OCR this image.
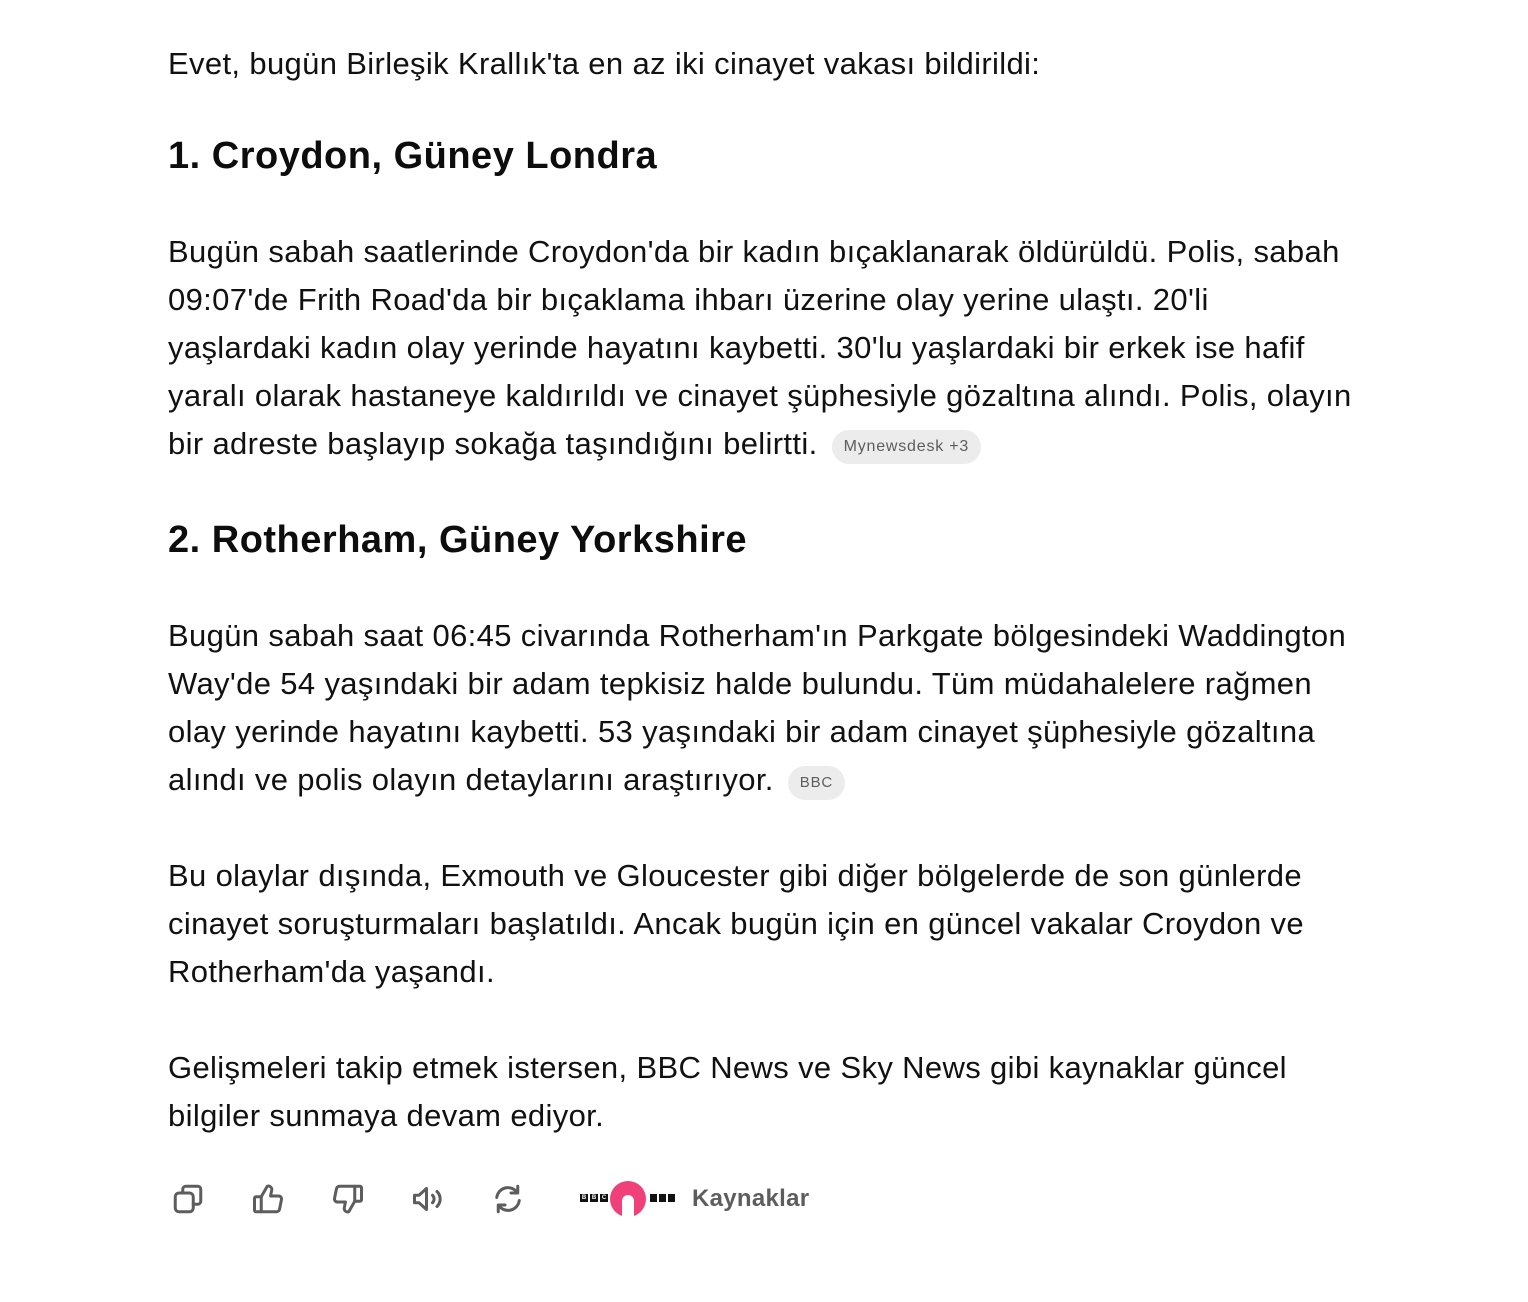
Evet, bugün Birleşik Krallık'ta en az iki cinayet vakası bildirildi:

1. Croydon, Güney Londra

Bugün sabah saatlerinde Croydon'da bir kadın bıçaklanarak öldürüldü. Polis, sabah 09:07'de Frith Road'da bir bıçaklama ihbarı üzerine olay yerine ulaştı. 20'li yaşlardaki kadın olay yerinde hayatını kaybetti. 30'lu yaşlardaki bir erkek ise hafif yaralı olarak hastaneye kaldırıldı ve cinayet şüphesiyle gözaltına alındı. Polis, olayın bir adreste başlayıp sokağa taşındığını belirtti. Mynewsdesk +3

2. Rotherham, Güney Yorkshire

Bugün sabah saat 06:45 civarında Rotherham'ın Parkgate bölgesindeki Waddington Way'de 54 yaşındaki bir adam tepkisiz halde bulundu. Tüm müdahalelere rağmen olay yerinde hayatını kaybetti. 53 yaşındaki bir adam cinayet şüphesiyle gözaltına alındı ve polis olayın detaylarını araştırıyor. BBC

Bu olaylar dışında, Exmouth ve Gloucester gibi diğer bölgelerde de son günlerde cinayet soruşturmaları başlatıldı. Ancak bugün için en güncel vakalar Croydon ve Rotherham'da yaşandı.

Gelişmeleri takip etmek istersen, BBC News ve Sky News gibi kaynaklar güncel bilgiler sunmaya devam ediyor.

B B C	Kaynaklar
